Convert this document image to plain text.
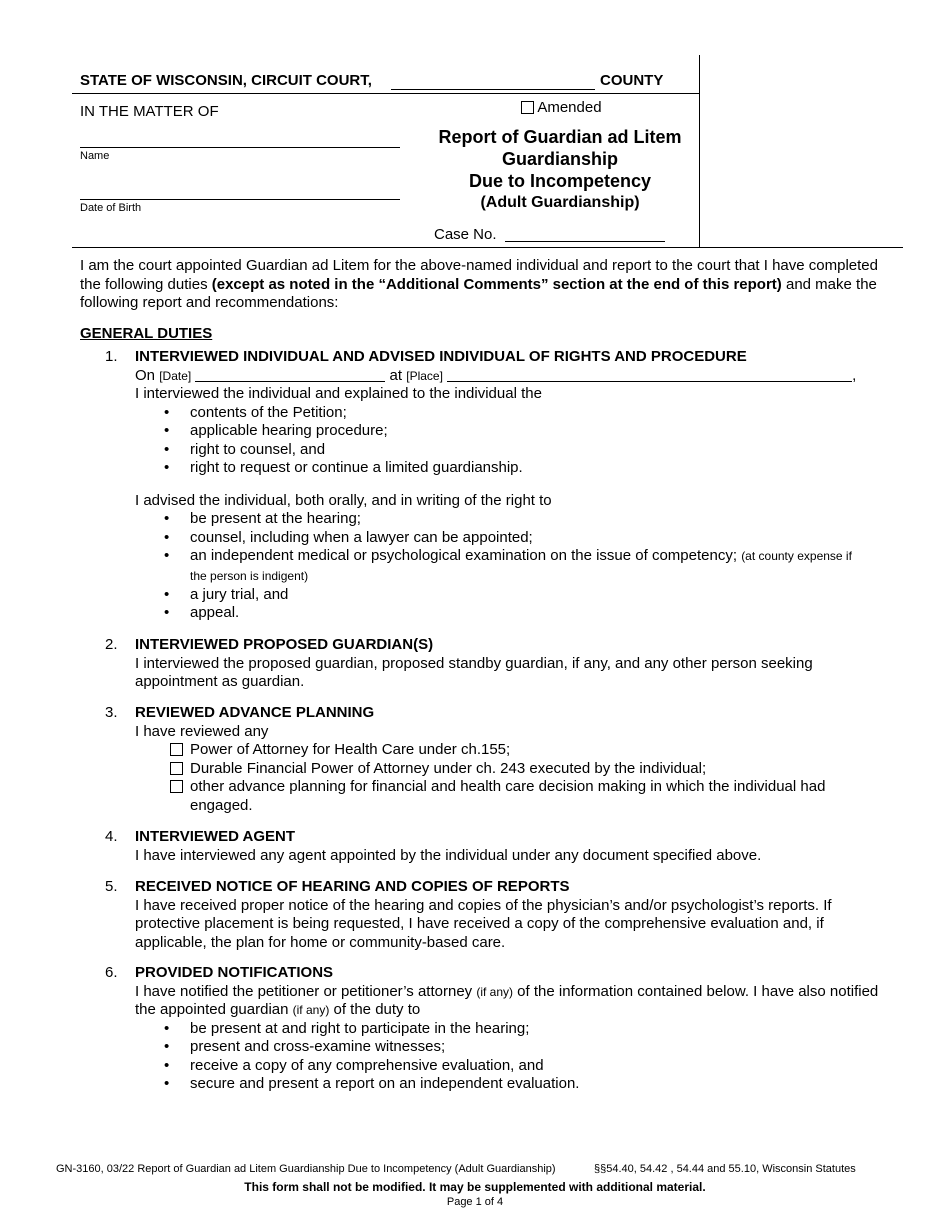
STATE OF WISCONSIN, CIRCUIT COURT,	COUNTY
IN THE MATTER OF
Name
Date of Birth
Amended
Report of Guardian ad Litem
Guardianship
Due to Incompetency
(Adult Guardianship)
Case No.
I am the court appointed Guardian ad Litem for the above-named individual and report to the court that I have completed the following duties (except as noted in the “Additional Comments” section at the end of this report) and make the following report and recommendations:
GENERAL DUTIES
1. INTERVIEWED INDIVIDUAL AND ADVISED INDIVIDUAL OF RIGHTS AND PROCEDURE
On [Date]	at [Place]	,
I interviewed the individual and explained to the individual the
• contents of the Petition;
• applicable hearing procedure;
• right to counsel, and
• right to request or continue a limited guardianship.
I advised the individual, both orally, and in writing of the right to
• be present at the hearing;
• counsel, including when a lawyer can be appointed;
• an independent medical or psychological examination on the issue of competency; (at county expense if
the person is indigent)
• a jury trial, and
• appeal.
2. INTERVIEWED PROPOSED GUARDIAN(S)
I interviewed the proposed guardian, proposed standby guardian, if any, and any other person seeking appointment as guardian.
3. REVIEWED ADVANCE PLANNING
I have reviewed any
Power of Attorney for Health Care under ch.155;
Durable Financial Power of Attorney under ch. 243 executed by the individual;
other advance planning for financial and health care decision making in which the individual had engaged.
4. INTERVIEWED AGENT
I have interviewed any agent appointed by the individual under any document specified above.
5. RECEIVED NOTICE OF HEARING AND COPIES OF REPORTS
I have received proper notice of the hearing and copies of the physician’s and/or psychologist’s reports. If protective placement is being requested, I have received a copy of the comprehensive evaluation and, if applicable, the plan for home or community-based care.
6. PROVIDED NOTIFICATIONS
I have notified the petitioner or petitioner’s attorney (if any) of the information contained below. I have also notified the appointed guardian (if any) of the duty to
• be present at and right to participate in the hearing;
• present and cross-examine witnesses;
• receive a copy of any comprehensive evaluation, and
• secure and present a report on an independent evaluation.
GN-3160, 03/22 Report of Guardian ad Litem Guardianship Due to Incompetency (Adult Guardianship)	§§54.40, 54.42 , 54.44 and 55.10, Wisconsin Statutes
This form shall not be modified. It may be supplemented with additional material.
Page 1 of 4
